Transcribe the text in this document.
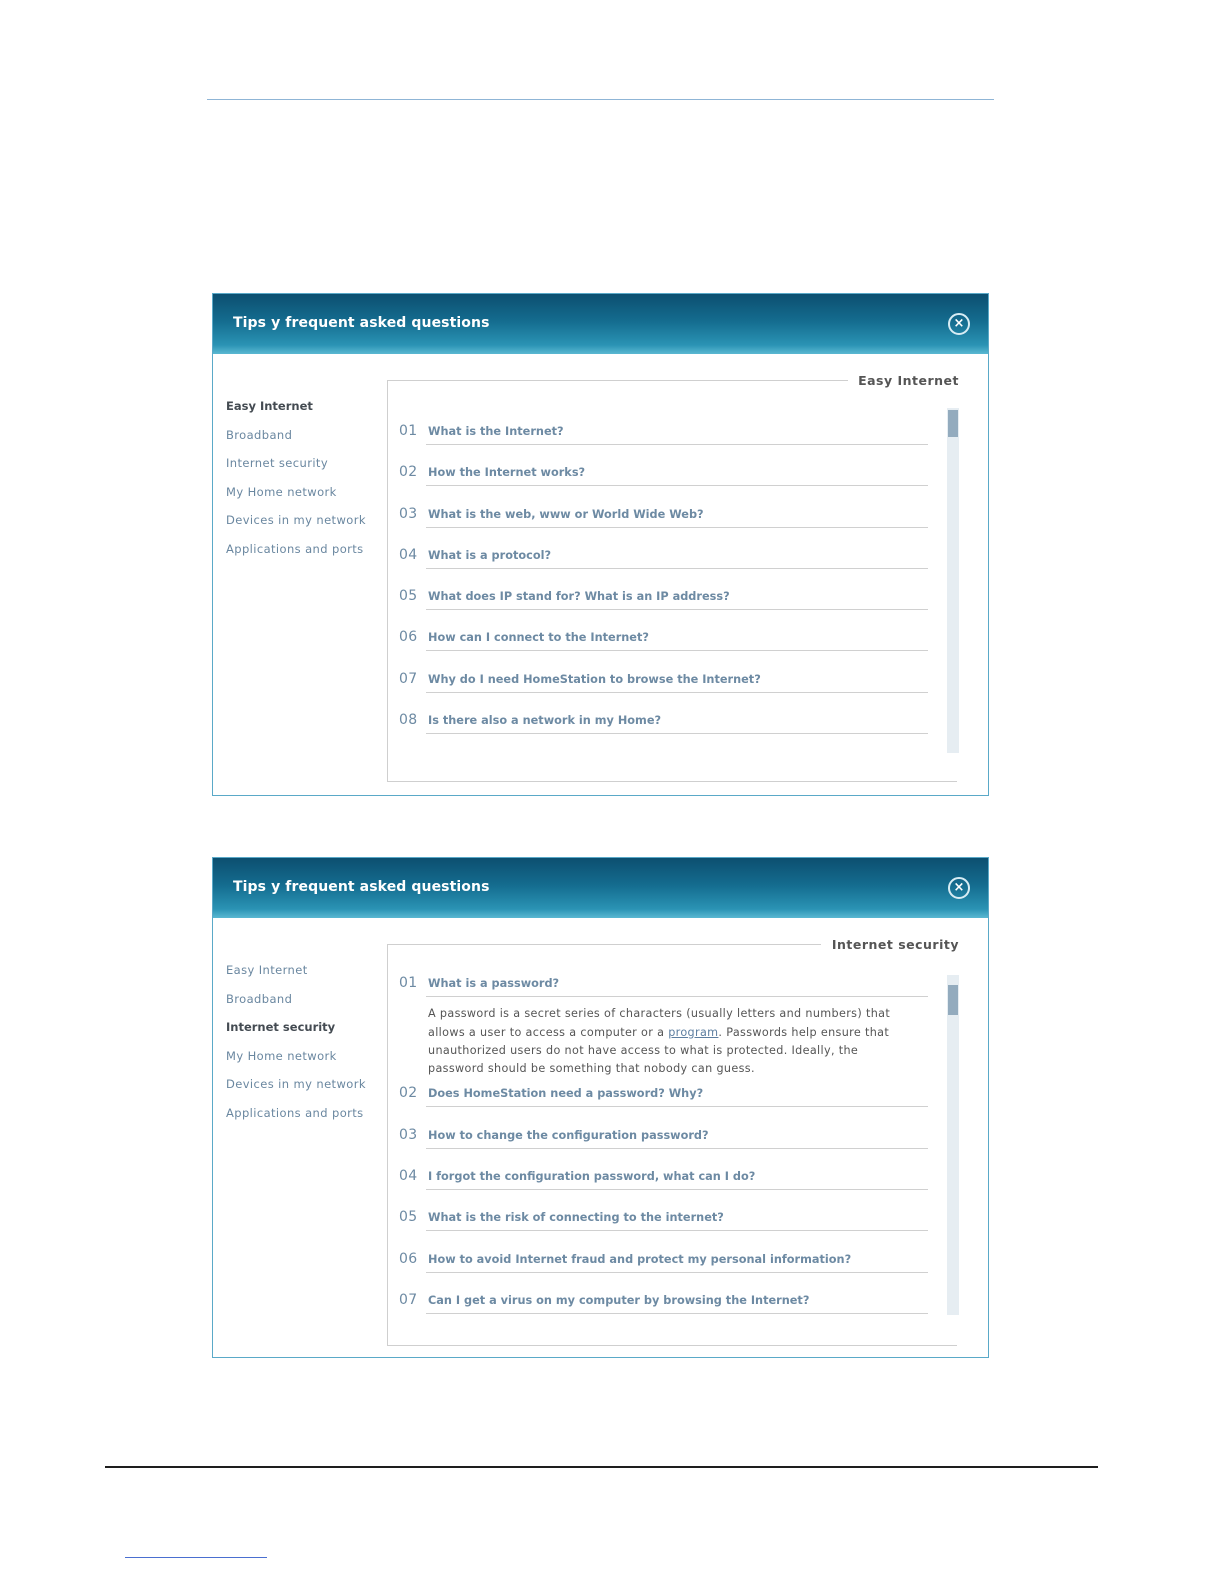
Tips y frequent asked questions	×
Easy Internet
Broadband
Internet security
My Home network
Devices in my network
Applications and ports
Easy Internet
01 What is the Internet?
02 How the Internet works?
03 What is the web, www or World Wide Web?
04 What is a protocol?
05 What does IP stand for? What is an IP address?
06 How can I connect to the Internet?
07 Why do I need HomeStation to browse the Internet?
08 Is there also a network in my Home?
Tips y frequent asked questions	×
Easy Internet
Broadband
Internet security
My Home network
Devices in my network
Applications and ports
Internet security
01 What is a password?
A password is a secret series of characters (usually letters and numbers) that allows a user to access a computer or a program. Passwords help ensure that unauthorized users do not have access to what is protected. Ideally, the password should be something that nobody can guess.
02 Does HomeStation need a password? Why?
03 How to change the configuration password?
04 I forgot the configuration password, what can I do?
05 What is the risk of connecting to the internet?
06 How to avoid Internet fraud and protect my personal information?
07 Can I get a virus on my computer by browsing the Internet?
